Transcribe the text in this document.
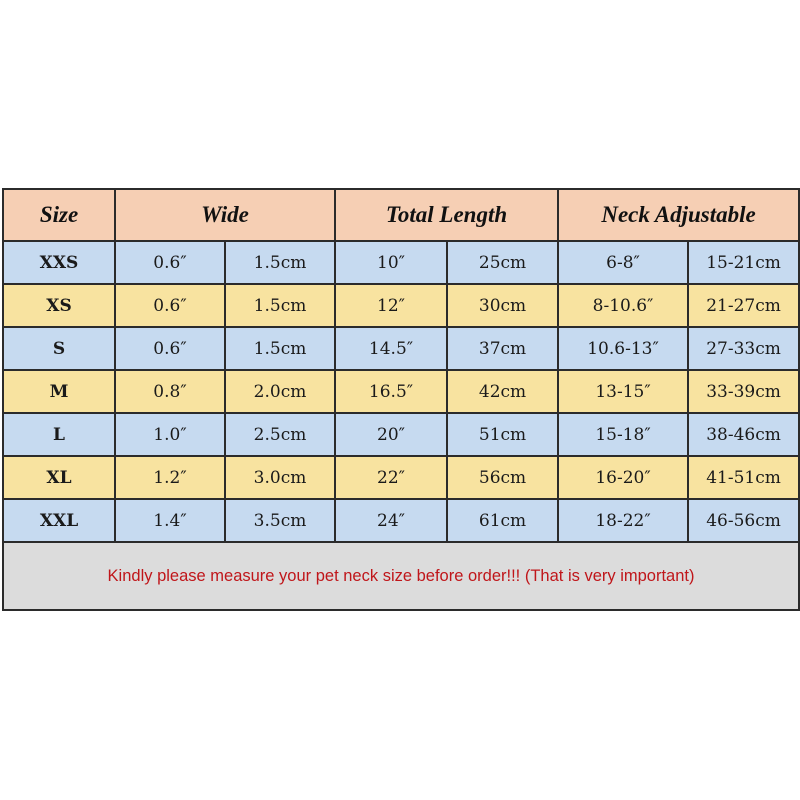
Size	Wide		Total Length		Neck Adjustable	
XXS	0.6″	1.5cm	10″	25cm	6-8″	15-21cm
XS	0.6″	1.5cm	12″	30cm	8-10.6″	21-27cm
S	0.6″	1.5cm	14.5″	37cm	10.6-13″	27-33cm
M	0.8″	2.0cm	16.5″	42cm	13-15″	33-39cm
L	1.0″	2.5cm	20″	51cm	15-18″	38-46cm
XL	1.2″	3.0cm	22″	56cm	16-20″	41-51cm
XXL	1.4″	3.5cm	24″	61cm	18-22″	46-56cm
Kindly please measure your pet neck size before order!!! (That is very important)						
